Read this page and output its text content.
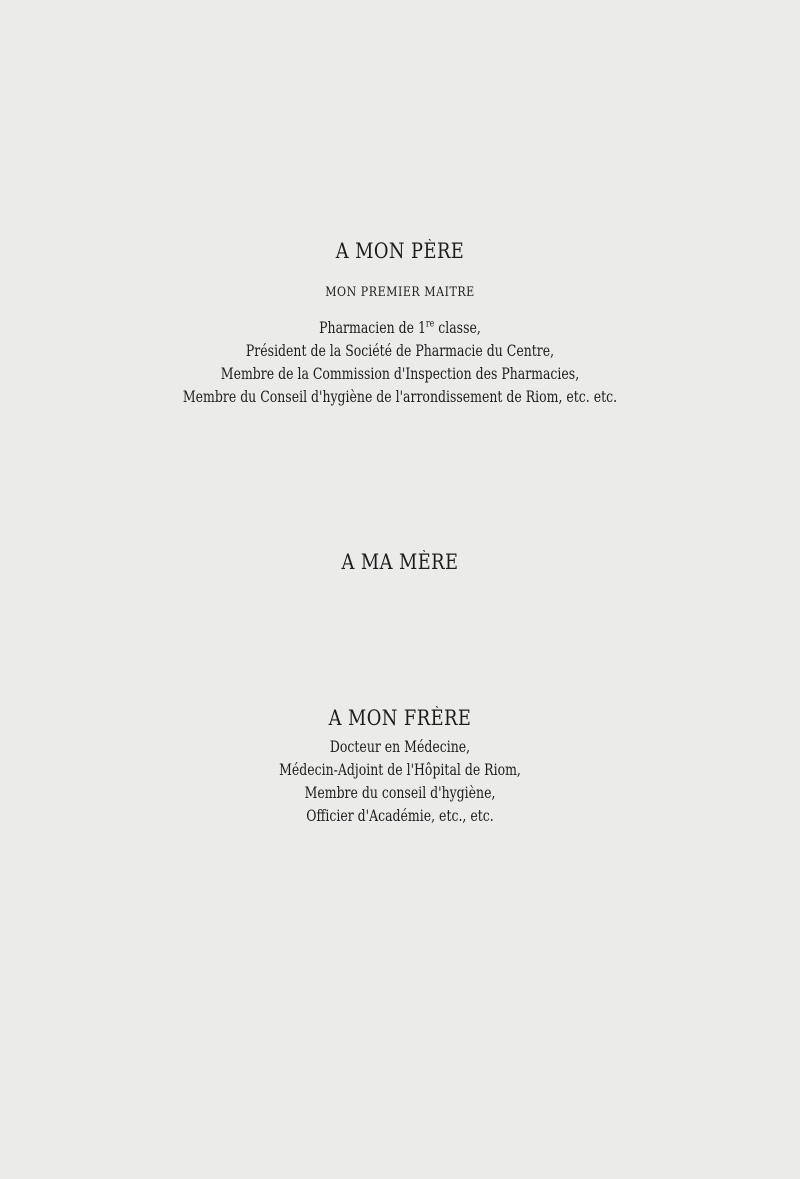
A MON PÈRE

MON PREMIER MAITRE

Pharmacien de 1re classe,

Président de la Société de Pharmacie du Centre,

Membre de la Commission d'Inspection des Pharmacies,

Membre du Conseil d'hygiène de l'arrondissement de Riom, etc. etc.

A MA MÈRE
A MON FRÈRE

Docteur en Médecine,

Médecin-Adjoint de l'Hôpital de Riom,

Membre du conseil d'hygiène,

Officier d'Académie, etc., etc.
